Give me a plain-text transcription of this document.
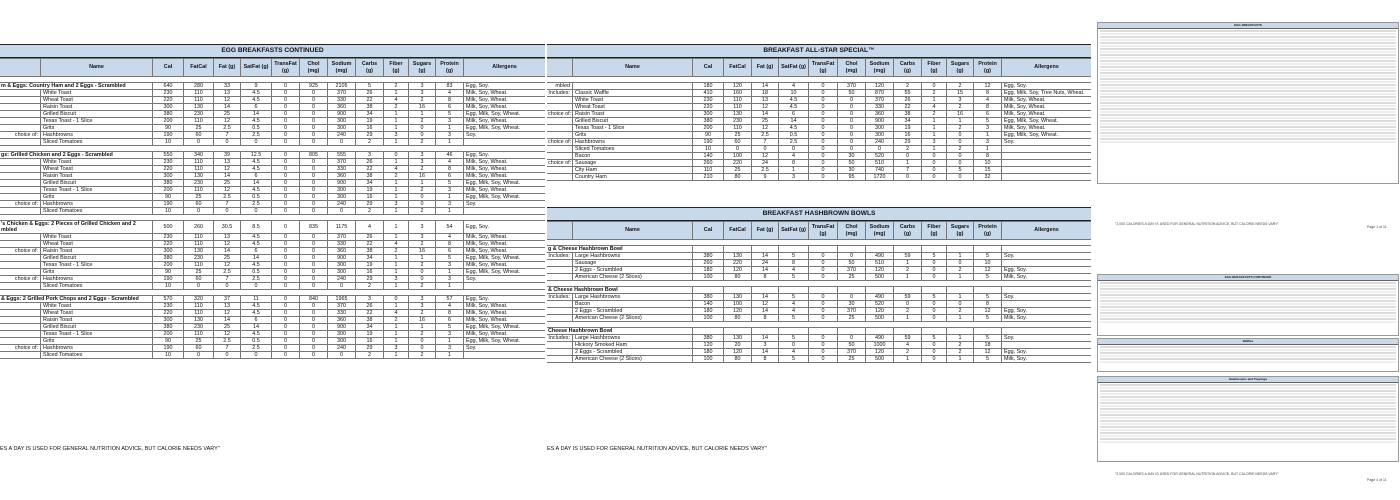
EGG BREAKFASTS CONTINUED
	Name	Cal	FatCal	Fat (g)	SatFat (g)	TransFat (g)	Chol (mg)	Sodium (mg)	Carbs (g)	Fiber (g)	Sugars (g)	Protein (g)	Allergens

m & Eggs: Country Ham and 2 Eggs - Scrambled		640	280	33	9	0	925	2105	5	2	3	83	Egg, Soy.
	White Toast	230	110	13	4.5	0	0	370	26	1	3	4	Milk, Soy, Wheat.
	Wheat Toast	220	110	12	4.5	0	0	330	22	4	2	8	Milk, Soy, Wheat.
	Raisin Toast	300	130	14	6	0	0	360	38	2	16	6	Milk, Soy, Wheat.
	Grilled Biscuit	380	230	25	14	0	0	900	34	1	1	5	Egg, Milk, Soy, Wheat.
	Texas Toast - 1 Slice	200	110	12	4.5	0	0	300	19	1	2	3	Milk, Soy, Wheat.
	Grits	90	25	2.5	0.5	0	0	300	16	1	0	1	Egg, Milk, Soy, Wheat.
choice of:	Hashbrowns	190	60	7	2.5	0	0	240	29	3	0	3	Soy.
	Sliced Tomatoes	10	0	0	0	0	0	0	2	1	2	1	

gs: Grilled Chicken and 2 Eggs - Scrambled		550	340	39	12.5	0	805	555	3	0	3	46	Egg, Soy.
	White Toast	230	110	13	4.5	0	0	370	26	1	3	4	Milk, Soy, Wheat.
	Wheat Toast	220	110	12	4.5	0	0	330	22	4	2	8	Milk, Soy, Wheat.
	Raisin Toast	300	130	14	6	0	0	360	38	2	16	6	Milk, Soy, Wheat.
	Grilled Biscuit	380	230	25	14	0	0	900	34	1	1	5	Egg, Milk, Soy, Wheat.
	Texas Toast - 1 Slice	200	110	12	4.5	0	0	300	19	1	2	3	Milk, Soy, Wheat.
	Grits	90	25	2.5	0.5	0	0	300	16	1	0	1	Egg, Milk, Soy, Wheat.
choice of:	Hashbrowns	190	60	7	2.5	0	0	240	29	3	0	3	Soy.
	Sliced Tomatoes	10	0	0	0	0	0	0	2	1	2	1	

's Chicken & Eggs: 2 Pieces of Grilled Chicken and 2
mbled		500	260	30.5	8.5	0	835	1175	4	1	3	54	Egg, Soy.
	White Toast	230	110	13	4.5	0	0	370	26	1	3	4	Milk, Soy, Wheat.
	Wheat Toast	220	110	12	4.5	0	0	330	22	4	2	8	Milk, Soy, Wheat.
choice of:	Raisin Toast	300	130	14	6	0	0	360	38	2	16	6	Milk, Soy, Wheat.
	Grilled Biscuit	380	230	25	14	0	0	900	34	1	1	5	Egg, Milk, Soy, Wheat.
	Texas Toast - 1 Slice	200	110	12	4.5	0	0	300	19	1	2	3	Milk, Soy, Wheat.
	Grits	90	25	2.5	0.5	0	0	300	16	1	0	1	Egg, Milk, Soy, Wheat.
choice of:	Hashbrowns	190	60	7	2.5	0	0	240	29	3	0	3	Soy.
	Sliced Tomatoes	10	0	0	0	0	0	0	2	1	2	1	

& Eggs: 2 Grilled Pork Chops and 2 Eggs - Scrambled		570	320	37	11	0	840	1965	3	0	3	57	Egg, Soy.
	White Toast	230	110	13	4.5	0	0	370	26	1	3	4	Milk, Soy, Wheat.
	Wheat Toast	220	110	12	4.5	0	0	330	22	4	2	8	Milk, Soy, Wheat.
	Raisin Toast	300	130	14	6	0	0	360	38	2	16	6	Milk, Soy, Wheat.
	Grilled Biscuit	380	230	25	14	0	0	900	34	1	1	5	Egg, Milk, Soy, Wheat.
	Texas Toast - 1 Slice	200	110	12	4.5	0	0	300	19	1	2	3	Milk, Soy, Wheat.
	Grits	90	25	2.5	0.5	0	0	300	16	1	0	1	Egg, Milk, Soy, Wheat.
choice of:	Hashbrowns	190	60	7	2.5	0	0	240	29	3	0	3	Soy.
	Sliced Tomatoes	10	0	0	0	0	0	0	2	1	2	1	
ES A DAY IS USED FOR GENERAL NUTRITION ADVICE, BUT CALORIE NEEDS VARY"
BREAKFAST ALL-STAR SPECIAL™
	Name	Cal	FatCal	Fat (g)	SatFat (g)	TransFat (g)	Chol (mg)	Sodium (mg)	Carbs (g)	Fiber (g)	Sugars (g)	Protein (g)	Allergens

mbled		180	120	14	4	0	370	120	2	0	2	12	Egg, Soy.
Includes:	Classic Waffle	410	160	18	10	0	50	870	55	2	15	8	Egg, Milk, Soy, Tree Nuts, Wheat.
	White Toast	230	110	13	4.5	0	0	370	26	1	3	4	Milk, Soy, Wheat.
	Wheat Toast	220	110	12	4.5	0	0	330	22	4	2	8	Milk, Soy, Wheat.
choice of:	Raisin Toast	300	130	14	6	0	0	360	38	2	16	6	Milk, Soy, Wheat.
	Grilled Biscuit	380	230	25	14	0	0	900	34	1	1	5	Egg, Milk, Soy, Wheat.
	Texas Toast - 1 Slice	200	110	12	4.5	0	0	300	19	1	2	3	Milk, Soy, Wheat.
	Grits	90	25	2.5	0.5	0	0	300	16	1	0	1	Egg, Milk, Soy, Wheat.
choice of:	Hashbrowns	190	60	7	2.5	0	0	240	29	3	0	3	Soy.
	Sliced Tomatoes	10	0	0	0	0	0	0	2	1	2	1	
	Bacon	140	100	12	4	0	30	520	0	0	0	8	
choice of:	Sausage	260	220	24	8	0	50	510	1	0	0	10	
	City Ham	110	25	2.5	1	0	30	740	7	0	5	15	
	Country Ham	210	80	9	3	0	95	1720	0	0	0	32	
BREAKFAST HASHBROWN BOWLS
	Name	Cal	FatCal	Fat (g)	SatFat (g)	TransFat (g)	Chol (mg)	Sodium (mg)	Carbs (g)	Fiber (g)	Sugars (g)	Protein (g)	Allergens

g & Cheese Hashbrown Bowl													
Includes:	Large Hashbrowns	380	130	14	5	0	0	490	59	5	1	5	Soy.
	Sausage	260	220	24	8	0	50	510	1	0	0	10	
	2 Eggs - Scrambled	180	120	14	4	0	370	120	2	0	2	12	Egg, Soy.
	American Cheese (2 Slices)	100	80	8	5	0	25	500	1	0	1	5	Milk, Soy.

& Cheese Hashbrown Bowl													
Includes:	Large Hashbrowns	380	130	14	5	0	0	490	59	5	1	5	Soy.
	Bacon	140	100	12	4	0	30	520	0	0	0	8	
	2 Eggs - Scrambled	180	120	14	4	0	370	120	2	0	2	12	Egg, Soy.
	American Cheese (2 Slices)	100	80	8	5	0	25	500	1	0	1	5	Milk, Soy.

Cheese Hashbrown Bowl													
Includes:	Large Hashbrowns	380	130	14	5	0	0	490	59	5	1	5	Soy.
	Hickory Smoked Ham	120	20	3	0	0	50	1000	4	0	2	18	
	2 Eggs - Scrambled	180	120	14	4	0	370	120	2	0	2	12	Egg, Soy.
	American Cheese (2 Slices)	100	80	8	5	0	25	500	1	0	1	5	Milk, Soy.
ES A DAY IS USED FOR GENERAL NUTRITION ADVICE, BUT CALORIE NEEDS VARY"
EGG BREAKFASTS
"2,000 CALORIES A DAY IS USED FOR GENERAL NUTRITION ADVICE, BUT CALORIE NEEDS VARY"
Page 1 of 11
EGG BREAKFASTS CONTINUED
Waffles
Hashbrowns and Toppings
"2,000 CALORIES A DAY IS USED FOR GENERAL NUTRITION ADVICE, BUT CALORIE NEEDS VARY"
Page 4 of 11
